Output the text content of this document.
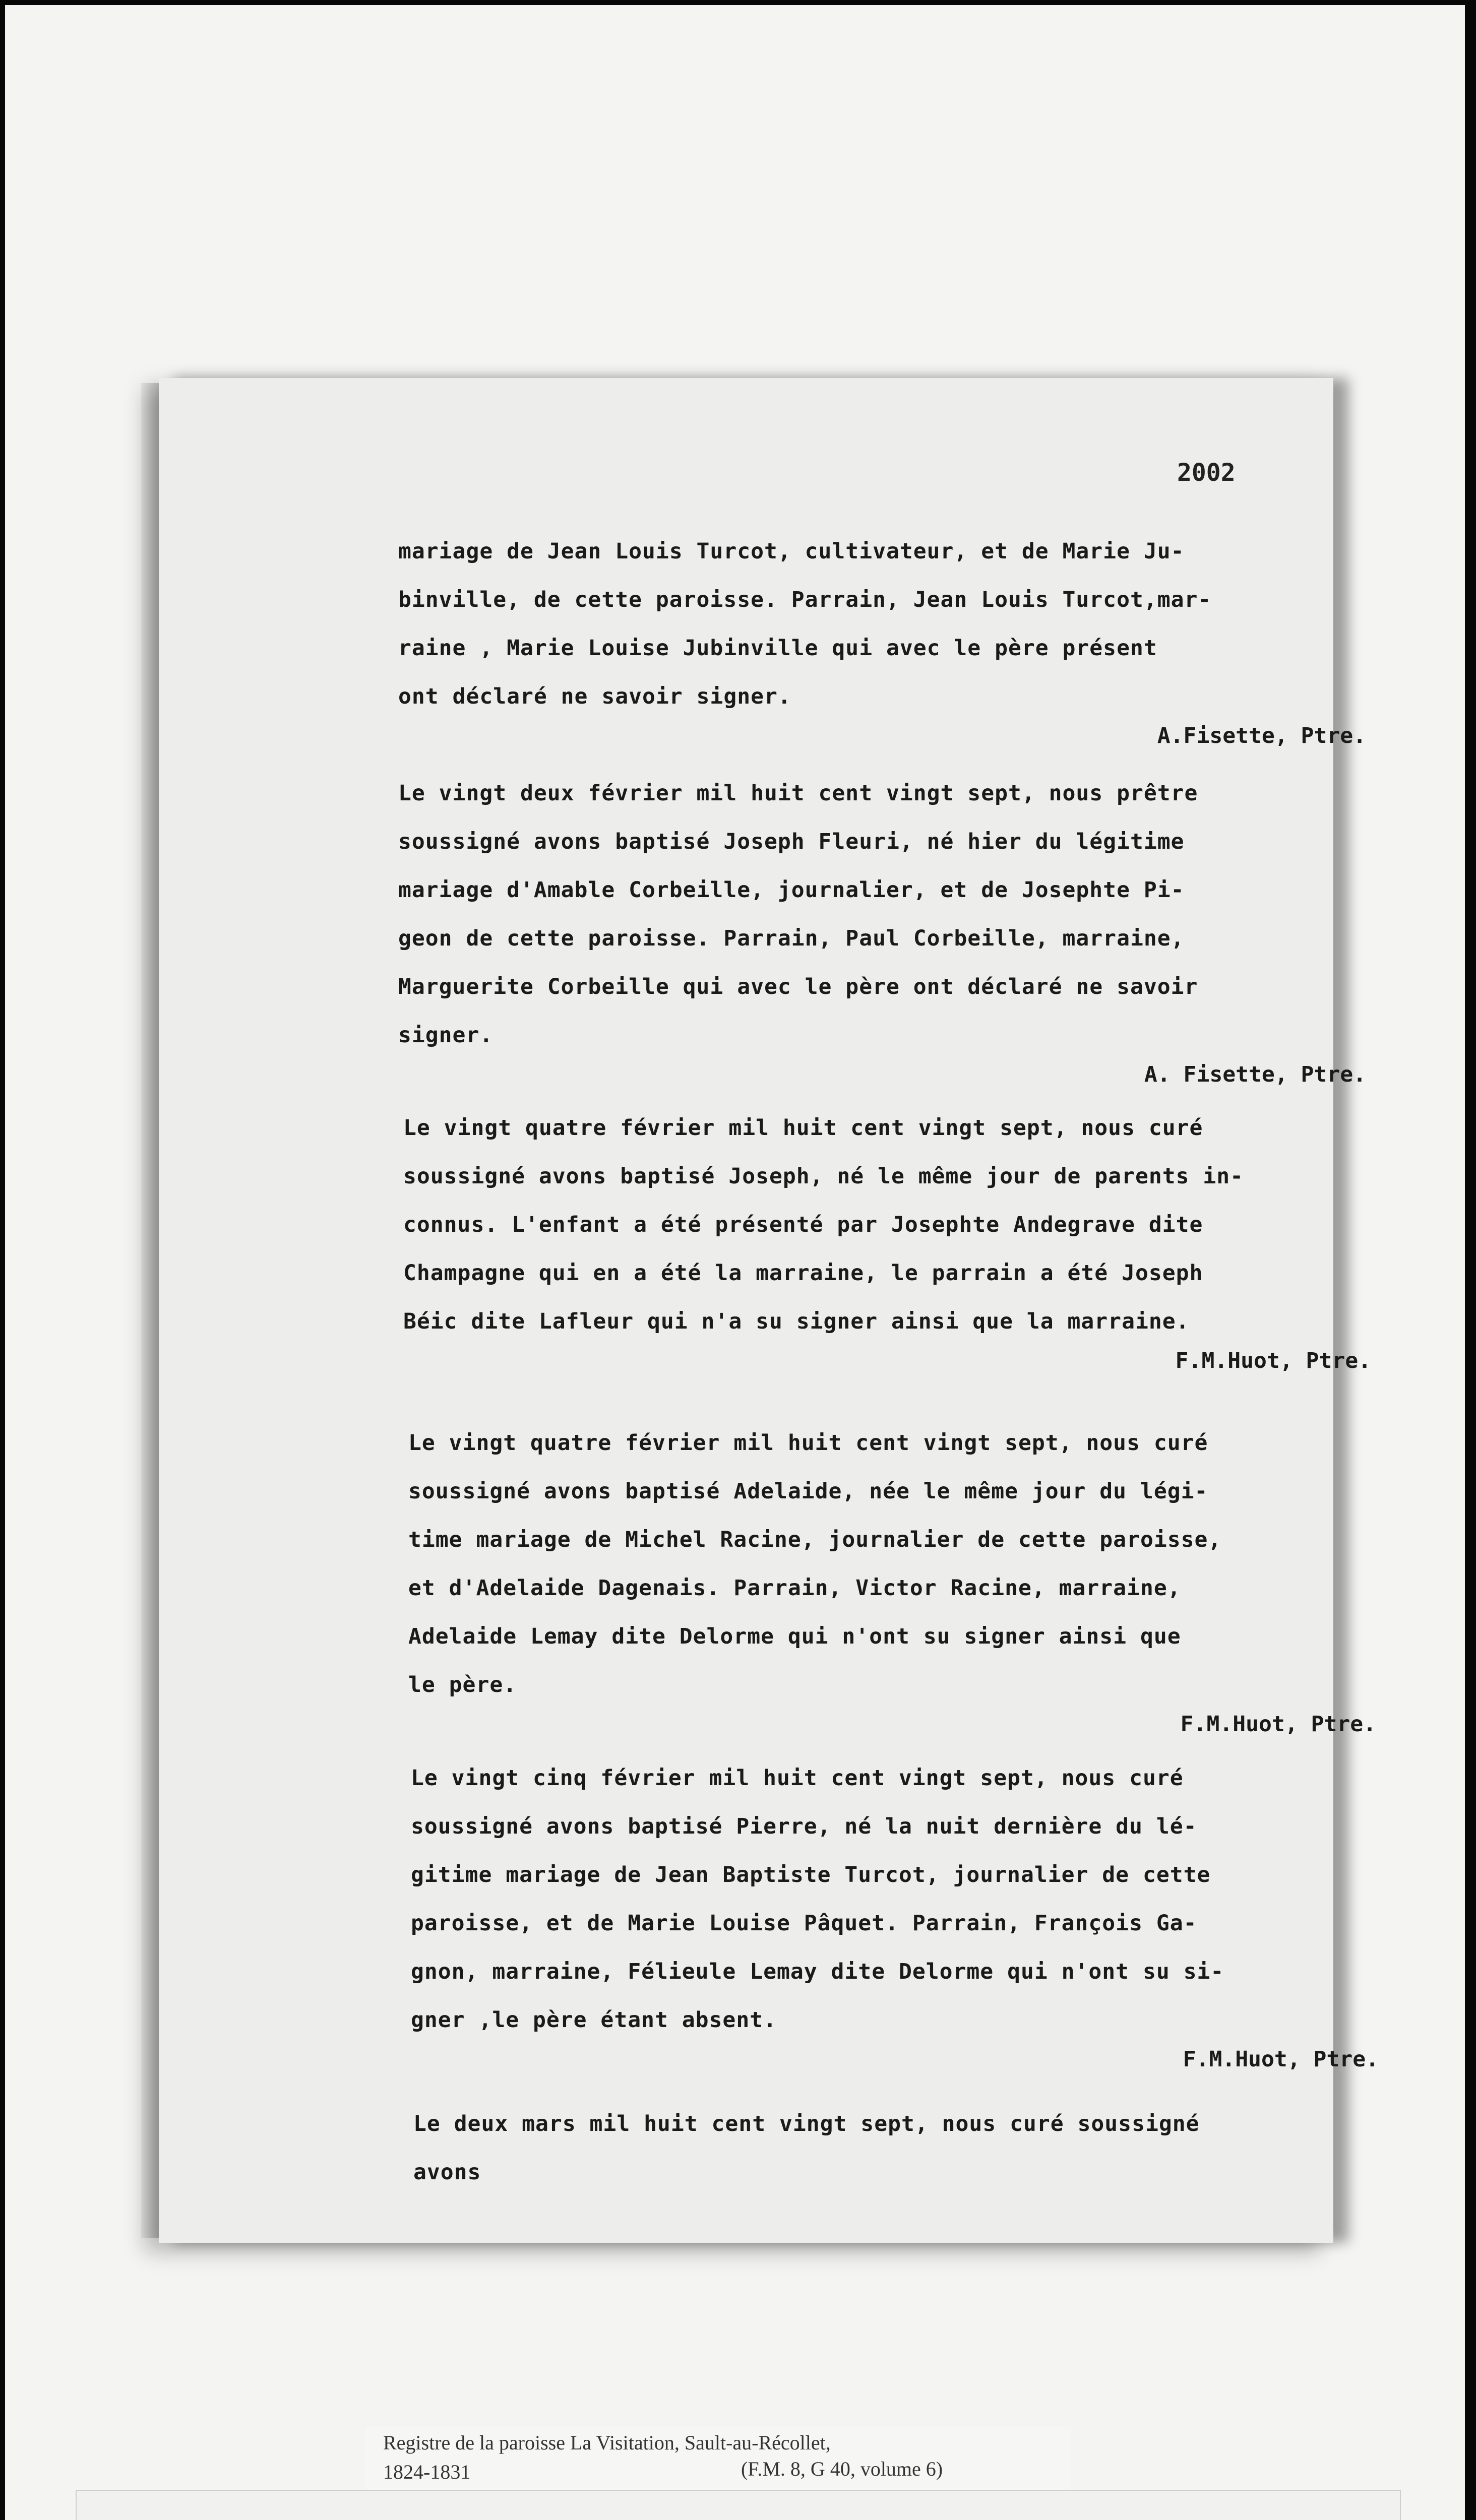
2002
mariage de Jean Louis Turcot, cultivateur, et de Marie Ju-
binville, de cette paroisse. Parrain, Jean Louis Turcot,mar-
raine , Marie Louise Jubinville qui avec le père présent
ont déclaré ne savoir signer.
A.Fisette, Ptre.
Le vingt deux février mil huit cent vingt sept, nous prêtre
soussigné avons baptisé Joseph Fleuri, né hier du légitime
mariage d'Amable Corbeille, journalier, et de Josephte Pi-
geon de cette paroisse. Parrain, Paul Corbeille, marraine,
Marguerite Corbeille qui avec le père ont déclaré ne savoir
signer.
A. Fisette, Ptre.
Le vingt quatre février mil huit cent vingt sept, nous curé
soussigné avons baptisé Joseph, né le même jour de parents in-
connus. L'enfant a été présenté par Josephte Andegrave dite
Champagne qui en a été la marraine, le parrain a été Joseph
Béic dite Lafleur qui n'a su signer ainsi que la marraine.
F.M.Huot, Ptre.
Le vingt quatre février mil huit cent vingt sept, nous curé
soussigné avons baptisé Adelaide, née le même jour du légi-
time mariage de Michel Racine, journalier de cette paroisse,
et d'Adelaide Dagenais. Parrain, Victor Racine, marraine,
Adelaide Lemay dite Delorme qui n'ont su signer ainsi que
le père.
F.M.Huot, Ptre.
Le vingt cinq février mil huit cent vingt sept, nous curé
soussigné avons baptisé Pierre, né la nuit dernière du lé-
gitime mariage de Jean Baptiste Turcot, journalier de cette
paroisse, et de Marie Louise Pâquet. Parrain, François Ga-
gnon, marraine, Félieule Lemay dite Delorme qui n'ont su si-
gner ,le père étant absent.
F.M.Huot, Ptre.
Le deux mars mil huit cent vingt sept, nous curé soussigné
avons
Registre de la paroisse La Visitation, Sault-au-Récollet,
1824-1831	(F.M. 8, G 40, volume 6)
